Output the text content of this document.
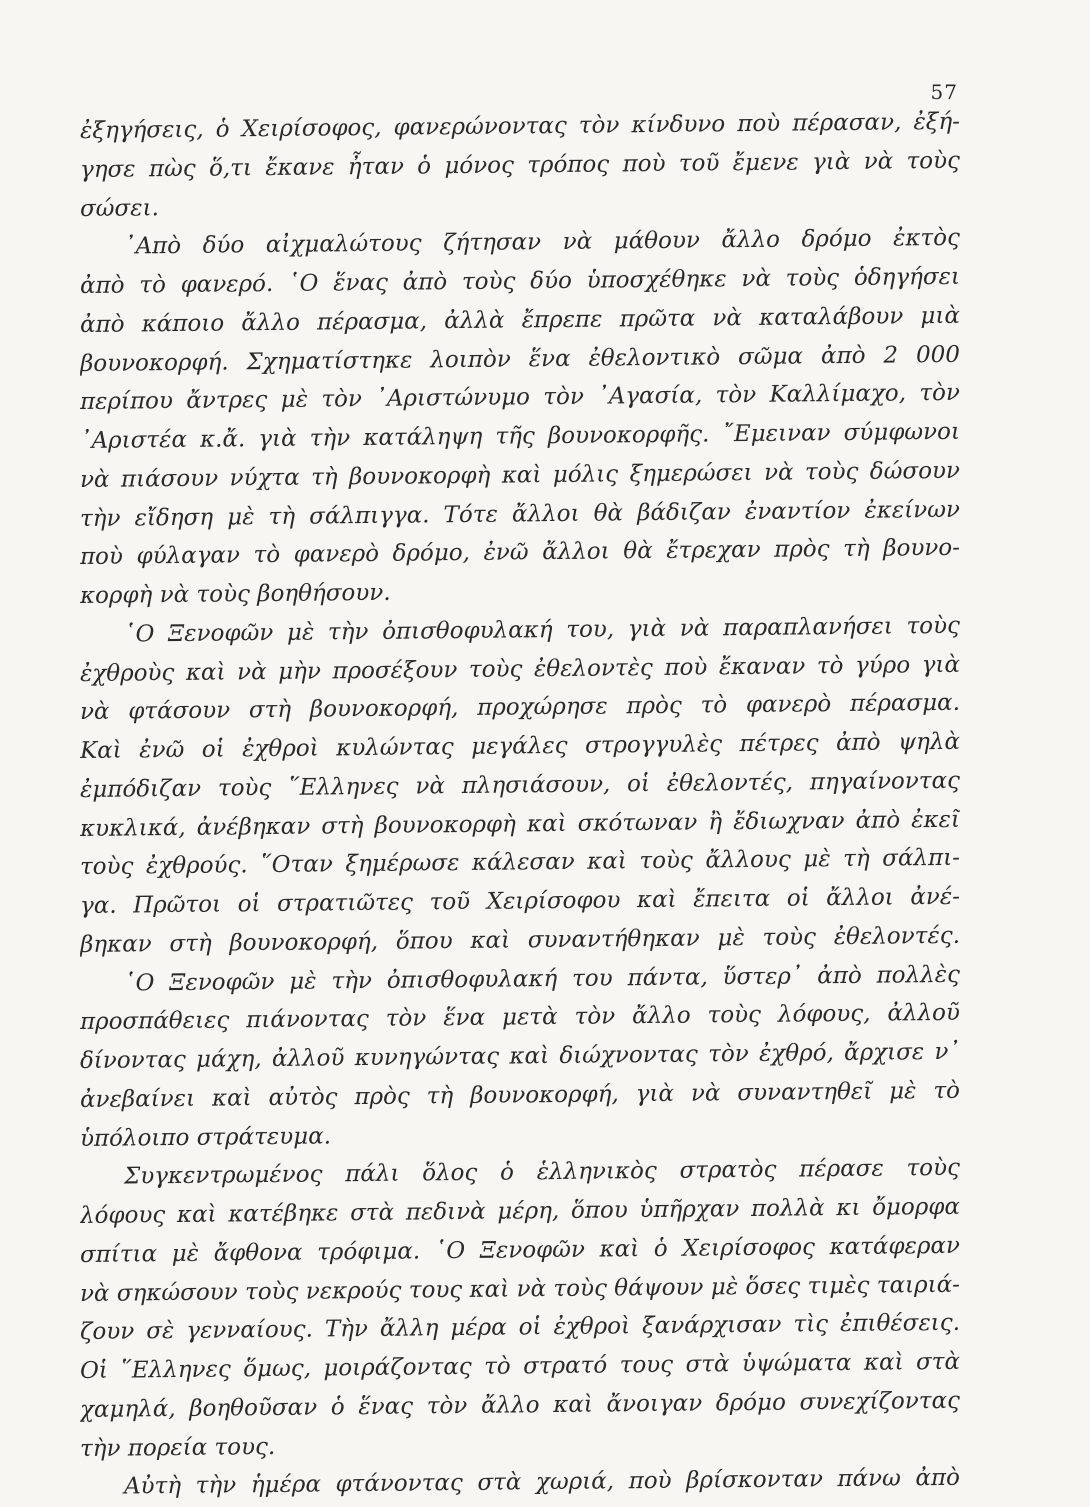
57
ἐξηγήσεις, ὁ Χειρίσοφος, φανερώνοντας τὸν κίνδυνο ποὺ πέρασαν, ἐξή-
γησε πὼς ὅ,τι ἔκανε ἦταν ὁ μόνος τρόπος ποὺ τοῦ ἔμενε γιὰ νὰ τοὺς
σώσει.
᾿Απὸ δύο αἰχμαλώτους ζήτησαν νὰ μάθουν ἄλλο δρόμο ἐκτὸς
ἀπὸ τὸ φανερό. ῾Ο ἕνας ἀπὸ τοὺς δύο ὑποσχέθηκε νὰ τοὺς ὁδηγήσει
ἀπὸ κάποιο ἄλλο πέρασμα, ἀλλὰ ἔπρεπε πρῶτα νὰ καταλάβουν μιὰ
βουνοκορφή. Σχηματίστηκε λοιπὸν ἕνα ἐθελοντικὸ σῶμα ἀπὸ 2 000
περίπου ἄντρες μὲ τὸν ᾿Αριστώνυμο τὸν ᾿Αγασία, τὸν Καλλίμαχο, τὸν
᾿Αριστέα κ.ἄ. γιὰ τὴν κατάληψη τῆς βουνοκορφῆς. ῎Εμειναν σύμφωνοι
νὰ πιάσουν νύχτα τὴ βουνοκορφὴ καὶ μόλις ξημερώσει νὰ τοὺς δώσουν
τὴν εἴδηση μὲ τὴ σάλπιγγα. Τότε ἄλλοι θὰ βάδιζαν ἐναντίον ἐκείνων
ποὺ φύλαγαν τὸ φανερὸ δρόμο, ἐνῶ ἄλλοι θὰ ἔτρεχαν πρὸς τὴ βουνο-
κορφὴ νὰ τοὺς βοηθήσουν.
῾Ο Ξενοφῶν μὲ τὴν ὀπισθοφυλακή του, γιὰ νὰ παραπλανήσει τοὺς
ἐχθροὺς καὶ νὰ μὴν προσέξουν τοὺς ἐθελοντὲς ποὺ ἔκαναν τὸ γύρο γιὰ
νὰ φτάσουν στὴ βουνοκορφή, προχώρησε πρὸς τὸ φανερὸ πέρασμα.
Καὶ ἐνῶ οἱ ἐχθροὶ κυλώντας μεγάλες στρογγυλὲς πέτρες ἀπὸ ψηλὰ
ἐμπόδιζαν τοὺς ῞Ελληνες νὰ πλησιάσουν, οἱ ἐθελοντές, πηγαίνοντας
κυκλικά, ἀνέβηκαν στὴ βουνοκορφὴ καὶ σκότωναν ἢ ἔδιωχναν ἀπὸ ἐκεῖ
τοὺς ἐχθρούς. ῞Οταν ξημέρωσε κάλεσαν καὶ τοὺς ἄλλους μὲ τὴ σάλπι-
γα. Πρῶτοι οἱ στρατιῶτες τοῦ Χειρίσοφου καὶ ἔπειτα οἱ ἄλλοι ἀνέ-
βηκαν στὴ βουνοκορφή, ὅπου καὶ συναντήθηκαν μὲ τοὺς ἐθελοντές.
῾Ο Ξενοφῶν μὲ τὴν ὀπισθοφυλακή του πάντα, ὕστερ᾿ ἀπὸ πολλὲς
προσπάθειες πιάνοντας τὸν ἕνα μετὰ τὸν ἄλλο τοὺς λόφους, ἀλλοῦ
δίνοντας μάχη, ἀλλοῦ κυνηγώντας καὶ διώχνοντας τὸν ἐχθρό, ἄρχισε ν᾿
ἀνεβαίνει καὶ αὐτὸς πρὸς τὴ βουνοκορφή, γιὰ νὰ συναντηθεῖ μὲ τὸ
ὑπόλοιπο στράτευμα.
Συγκεντρωμένος πάλι ὅλος ὁ ἑλληνικὸς στρατὸς πέρασε τοὺς
λόφους καὶ κατέβηκε στὰ πεδινὰ μέρη, ὅπου ὑπῆρχαν πολλὰ κι ὄμορφα
σπίτια μὲ ἄφθονα τρόφιμα. ῾Ο Ξενοφῶν καὶ ὁ Χειρίσοφος κατάφεραν
νὰ σηκώσουν τοὺς νεκρούς τους καὶ νὰ τοὺς θάψουν μὲ ὅσες τιμὲς ταιριά-
ζουν σὲ γενναίους. Τὴν ἄλλη μέρα οἱ ἐχθροὶ ξανάρχισαν τὶς ἐπιθέσεις.
Οἱ ῞Ελληνες ὅμως, μοιράζοντας τὸ στρατό τους στὰ ὑψώματα καὶ στὰ
χαμηλά, βοηθοῦσαν ὁ ἕνας τὸν ἄλλο καὶ ἄνοιγαν δρόμο συνεχίζοντας
τὴν πορεία τους.
Αὐτὴ τὴν ἡμέρα φτάνοντας στὰ χωριά, ποὺ βρίσκονταν πάνω ἀπὸ
